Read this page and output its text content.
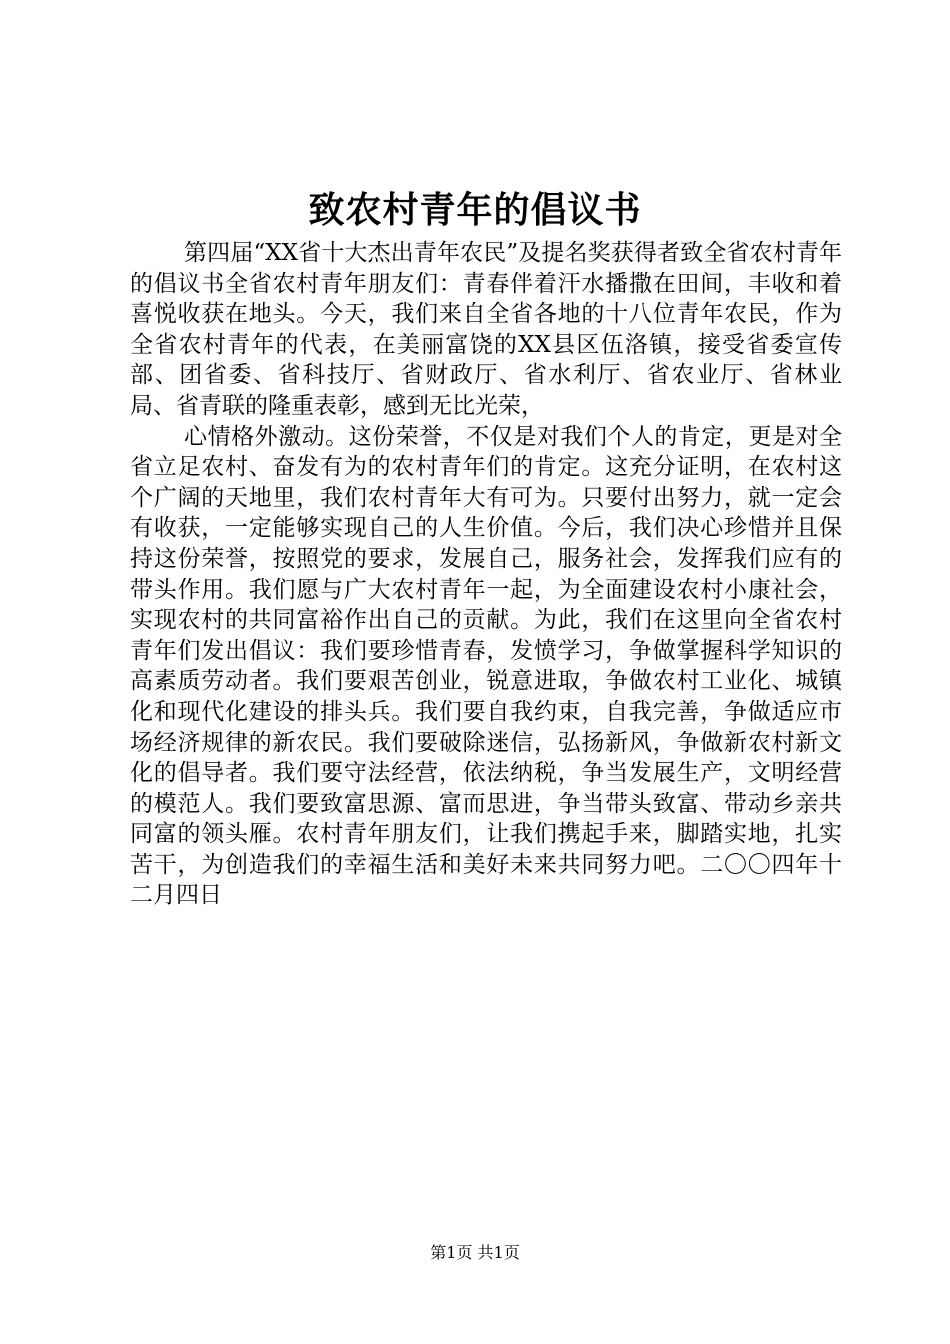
致农村青年的倡议书

第四届“XX省十大杰出青年农民”及提名奖获得者致全省农村青年的倡议书全省农村青年朋友们：青春伴着汗水播撒在田间，丰收和着喜悦收获在地头。今天，我们来自全省各地的十八位青年农民，作为全省农村青年的代表，在美丽富饶的XX县区伍洛镇，接受省委宣传部、团省委、省科技厅、省财政厅、省水利厅、省农业厅、省林业局、省青联的隆重表彰，感到无比光荣，

心情格外激动。这份荣誉，不仅是对我们个人的肯定，更是对全省立足农村、奋发有为的农村青年们的肯定。这充分证明，在农村这个广阔的天地里，我们农村青年大有可为。只要付出努力，就一定会有收获，一定能够实现自己的人生价值。今后，我们决心珍惜并且保持这份荣誉，按照党的要求，发展自己，服务社会，发挥我们应有的带头作用。我们愿与广大农村青年一起，为全面建设农村小康社会，实现农村的共同富裕作出自己的贡献。为此，我们在这里向全省农村青年们发出倡议：我们要珍惜青春，发愤学习，争做掌握科学知识的高素质劳动者。我们要艰苦创业，锐意进取，争做农村工业化、城镇化和现代化建设的排头兵。我们要自我约束，自我完善，争做适应市场经济规律的新农民。我们要破除迷信，弘扬新风，争做新农村新文化的倡导者。我们要守法经营，依法纳税，争当发展生产，文明经营的模范人。我们要致富思源、富而思进，争当带头致富、带动乡亲共同富的领头雁。农村青年朋友们，让我们携起手来，脚踏实地，扎实苦干，为创造我们的幸福生活和美好未来共同努力吧。二〇〇四年十二月四日

第1页 共1页
